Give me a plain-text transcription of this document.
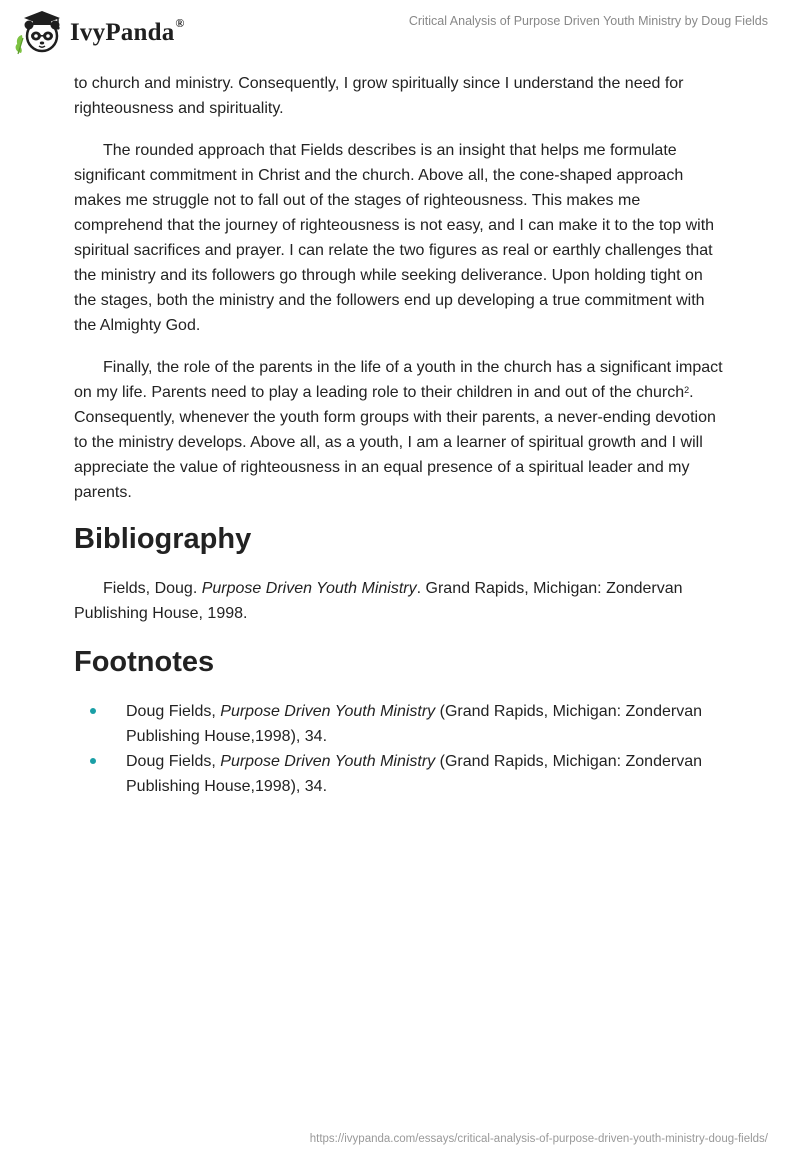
IvyPanda®	Critical Analysis of Purpose Driven Youth Ministry by Doug Fields

to church and ministry. Consequently, I grow spiritually since I understand the need for righteousness and spirituality.

The rounded approach that Fields describes is an insight that helps me formulate significant commitment in Christ and the church. Above all, the cone-shaped approach makes me struggle not to fall out of the stages of righteousness. This makes me comprehend that the journey of righteousness is not easy, and I can make it to the top with spiritual sacrifices and prayer. I can relate the two figures as real or earthly challenges that the ministry and its followers go through while seeking deliverance. Upon holding tight on the stages, both the ministry and the followers end up developing a true commitment with the Almighty God.

Finally, the role of the parents in the life of a youth in the church has a significant impact on my life. Parents need to play a leading role to their children in and out of the church$^2$. Consequently, whenever the youth form groups with their parents, a never-ending devotion to the ministry develops. Above all, as a youth, I am a learner of spiritual growth and I will appreciate the value of righteousness in an equal presence of a spiritual leader and my parents.

Bibliography

Fields, Doug. Purpose Driven Youth Ministry. Grand Rapids, Michigan: Zondervan Publishing House, 1998.

Footnotes
Doug Fields, Purpose Driven Youth Ministry (Grand Rapids, Michigan: Zondervan Publishing House,1998), 34.
Doug Fields, Purpose Driven Youth Ministry (Grand Rapids, Michigan: Zondervan Publishing House,1998), 34.
https://ivypanda.com/essays/critical-analysis-of-purpose-driven-youth-ministry-doug-fields/
